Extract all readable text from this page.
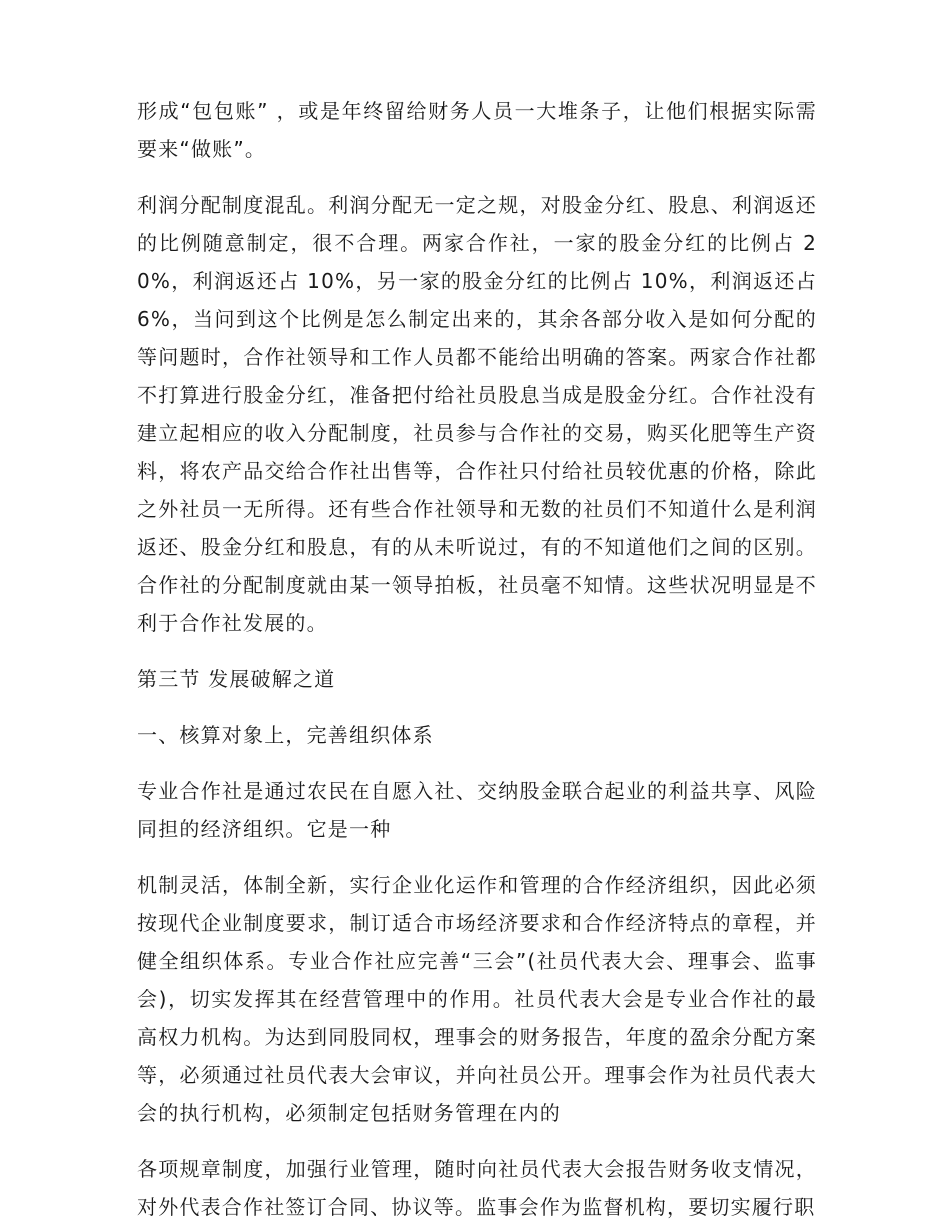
形成“包包账” ，或是年终留给财务人员一大堆条子，让他们根据实际需要来“做账”。

利润分配制度混乱。利润分配无一定之规，对股金分红、股息、利润返还的比例随意制定，很不合理。两家合作社，一家的股金分红的比例占 20%，利润返还占 10%，另一家的股金分红的比例占 10%，利润返还占 6%，当问到这个比例是怎么制定出来的，其余各部分收入是如何分配的等问题时，合作社领导和工作人员都不能给出明确的答案。两家合作社都不打算进行股金分红，准备把付给社员股息当成是股金分红。合作社没有建立起相应的收入分配制度，社员参与合作社的交易，购买化肥等生产资料，将农产品交给合作社出售等，合作社只付给社员较优惠的价格，除此之外社员一无所得。还有些合作社领导和无数的社员们不知道什么是利润返还、股金分红和股息，有的从未听说过，有的不知道他们之间的区别。合作社的分配制度就由某一领导拍板，社员毫不知情。这些状况明显是不利于合作社发展的。

第三节 发展破解之道

一、核算对象上，完善组织体系

专业合作社是通过农民在自愿入社、交纳股金联合起业的利益共享、风险同担的经济组织。它是一种

机制灵活，体制全新，实行企业化运作和管理的合作经济组织，因此必须按现代企业制度要求，制订适合市场经济要求和合作经济特点的章程，并健全组织体系。专业合作社应完善“三会”(社员代表大会、理事会、监事会)，切实发挥其在经营管理中的作用。社员代表大会是专业合作社的最高权力机构。为达到同股同权，理事会的财务报告，年度的盈余分配方案等，必须通过社员代表大会审议，并向社员公开。理事会作为社员代表大会的执行机构，必须制定包括财务管理在内的

各项规章制度，加强行业管理，随时向社员代表大会报告财务收支情况，对外代表合作社签订合同、协议等。监事会作为监督机构，要切实履行职
